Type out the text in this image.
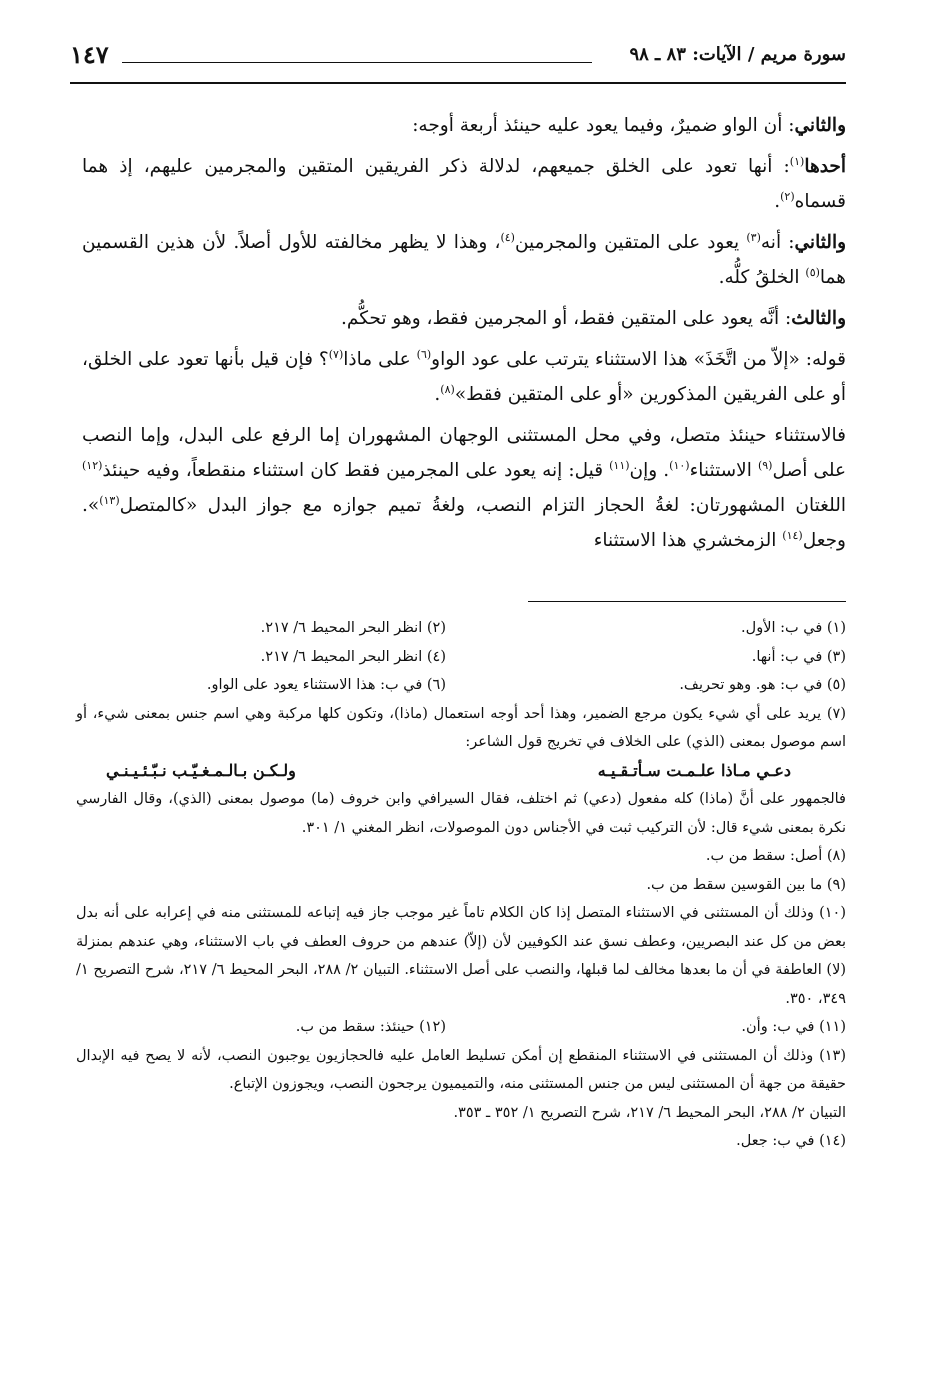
سورة مريم / الآيات: ٨٣ ـ ٩٨
١٤٧

والثاني: أن الواو ضميرٌ، وفيما يعود عليه حينئذ أربعة أوجه:

أحدها$^{(١)}$: أنها تعود على الخلق جميعهم، لدلالة ذكر الفريقين المتقين والمجرمين عليهم، إذ هما قسماه$^{(٢)}$.

والثاني: أنه$^{(٣)}$ يعود على المتقين والمجرمين$^{(٤)}$، وهذا لا يظهر مخالفته للأول أصلاً. لأن هذين القسمين هما$^{(٥)}$ الخلقُ كلُّه.

والثالث: أنَّه يعود على المتقين فقط، أو المجرمين فقط، وهو تحكُّم.

قوله: «إلاّ من اتَّخَذَ» هذا الاستثناء يترتب على عود الواو$^{(٦)}$ على ماذا$^{(٧)}$؟ فإن قيل بأنها تعود على الخلق، أو على الفريقين المذكورين «أو على المتقين فقط»$^{(٨)}$.

فالاستثناء حينئذ متصل، وفي محل المستثنى الوجهان المشهوران إما الرفع على البدل، وإما النصب على أصل$^{(٩)}$ الاستثناء$^{(١٠)}$. وإن$^{(١١)}$ قيل: إنه يعود على المجرمين فقط كان استثناء منقطعاً، وفيه حينئذ$^{(١٢)}$ اللغتان المشهورتان: لغةُ الحجاز التزام النصب، ولغةُ تميم جوازه مع جواز البدل «كالمتصل$^{(١٣)}$». وجعل$^{(١٤)}$ الزمخشري هذا الاستثناء

(١) في ب: الأول.
(٢) انظر البحر المحيط ٦/ ٢١٧.
(٣) في ب: أنها.
(٤) انظر البحر المحيط ٦/ ٢١٧.
(٥) في ب: هو. وهو تحريف.
(٦) في ب: هذا الاستثناء يعود على الواو.
(٧) يريد على أي شيء يكون مرجع الضمير، وهذا أحد أوجه استعمال (ماذا)، وتكون كلها مركبة وهي اسم جنس بمعنى شيء، أو اسم موصول بمعنى (الذي) على الخلاف في تخريج قول الشاعر:
دعـي مـاذا علـمـت سـأتـقـيـه
ولـكـن بـالـمـغـيّـب نـبّـئـيـنـي
فالجمهور على أنَّ (ماذا) كله مفعول (دعي) ثم اختلف، فقال السيرافي وابن خروف (ما) موصول بمعنى (الذي)، وقال الفارسي نكرة بمعنى شيء قال: لأن التركيب ثبت في الأجناس دون الموصولات، انظر المغني ١/ ٣٠١.
(٨) أصل: سقط من ب.
(٩) ما بين القوسين سقط من ب.
(١٠) وذلك أن المستثنى في الاستثناء المتصل إذا كان الكلام تاماً غير موجب جاز فيه إتباعه للمستثنى منه في إعرابه على أنه بدل بعض من كل عند البصريين، وعطف نسق عند الكوفيين لأن (إلاّ) عندهم من حروف العطف في باب الاستثناء، وهي عندهم بمنزلة (لا) العاطفة في أن ما بعدها مخالف لما قبلها، والنصب على أصل الاستثناء. التبيان ٢/ ٢٨٨، البحر المحيط ٦/ ٢١٧، شرح التصريح ١/ ٣٤٩، ٣٥٠.
(١١) في ب: وأن.
(١٢) حينئذ: سقط من ب.
(١٣) وذلك أن المستثنى في الاستثناء المنقطع إن أمكن تسليط العامل عليه فالحجازيون يوجبون النصب، لأنه لا يصح فيه الإبدال حقيقة من جهة أن المستثنى ليس من جنس المستثنى منه، والتميميون يرجحون النصب، ويجوزون الإتباع.
التبيان ٢/ ٢٨٨، البحر المحيط ٦/ ٢١٧، شرح التصريح ١/ ٣٥٢ ـ ٣٥٣.
(١٤) في ب: جعل.
